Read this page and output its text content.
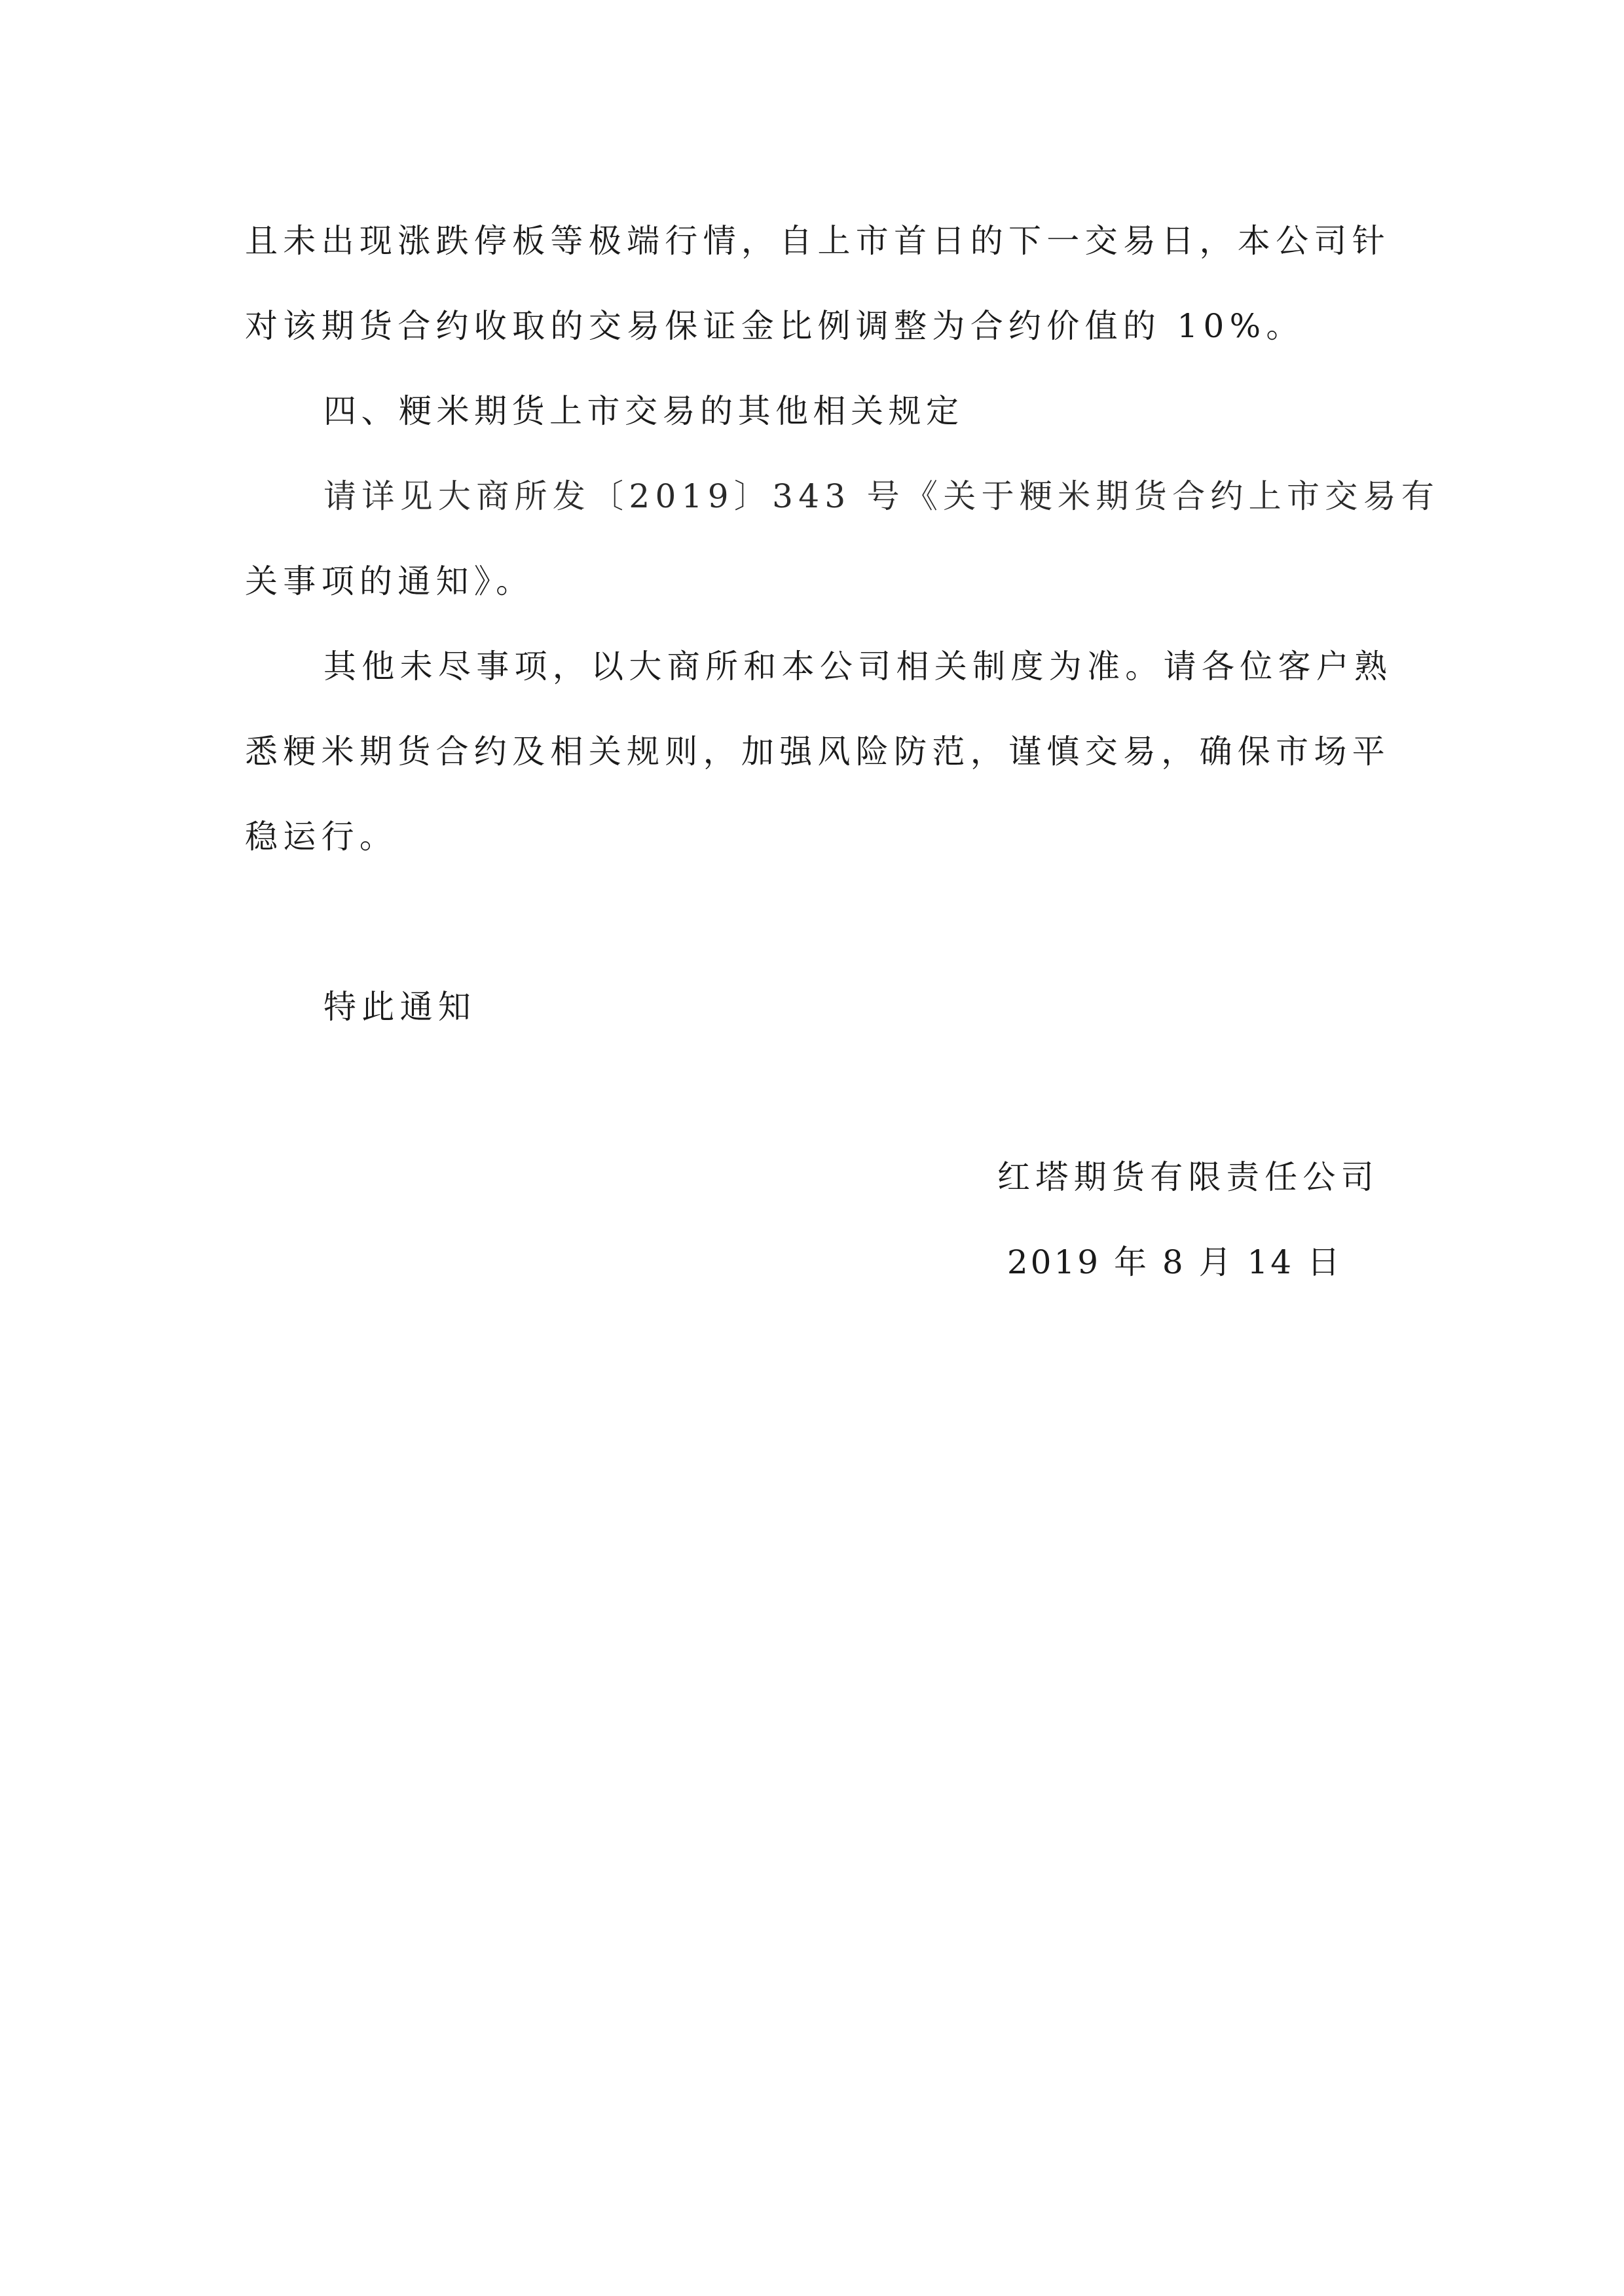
且未出现涨跌停板等极端行情，自上市首日的下一交易日，本公司针
对该期货合约收取的交易保证金比例调整为合约价值的 10%。
四、粳米期货上市交易的其他相关规定
请详见大商所发〔2019〕343 号《关于粳米期货合约上市交易有
关事项的通知》。
其他未尽事项，以大商所和本公司相关制度为准。请各位客户熟
悉粳米期货合约及相关规则，加强风险防范，谨慎交易，确保市场平
稳运行。
特此通知
红塔期货有限责任公司
2019 年 8 月 14 日
